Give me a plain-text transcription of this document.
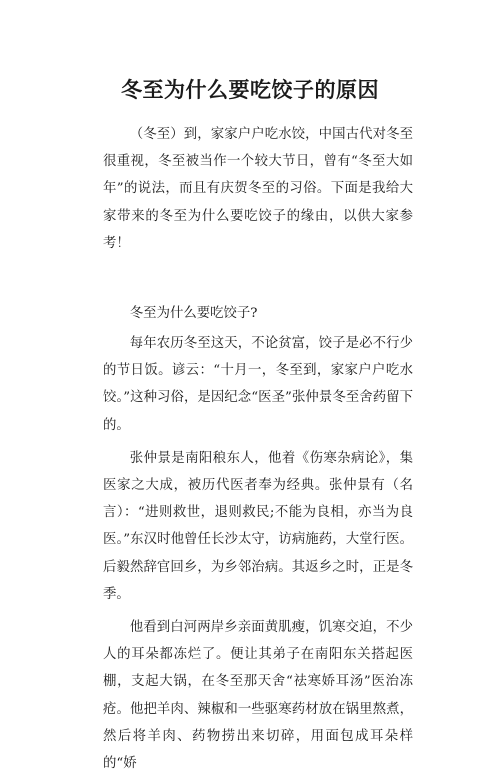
冬至为什么要吃饺子的原因

（冬至）到，家家户户吃水饺，中国古代对冬至很重视，冬至被当作一个较大节日，曾有“冬至大如年”的说法，而且有庆贺冬至的习俗。下面是我给大家带来的冬至为什么要吃饺子的缘由，以供大家参考！

冬至为什么要吃饺子?

每年农历冬至这天，不论贫富，饺子是必不行少的节日饭。谚云：“十月一，冬至到，家家户户吃水饺。”这种习俗，是因纪念“医圣”张仲景冬至舍药留下的。

张仲景是南阳稂东人，他着《伤寒杂病论》，集医家之大成，被历代医者奉为经典。张仲景有（名言）：“进则救世，退则救民;不能为良相，亦当为良医。”东汉时他曾任长沙太守，访病施药，大堂行医。后毅然辞官回乡，为乡邻治病。其返乡之时，正是冬季。

他看到白河两岸乡亲面黄肌瘦，饥寒交迫，不少人的耳朵都冻烂了。便让其弟子在南阳东关搭起医棚，支起大锅，在冬至那天舍“祛寒娇耳汤”医治冻疮。他把羊肉、辣椒和一些驱寒药材放在锅里熬煮，然后将羊肉、药物捞出来切碎，用面包成耳朵样的“娇
